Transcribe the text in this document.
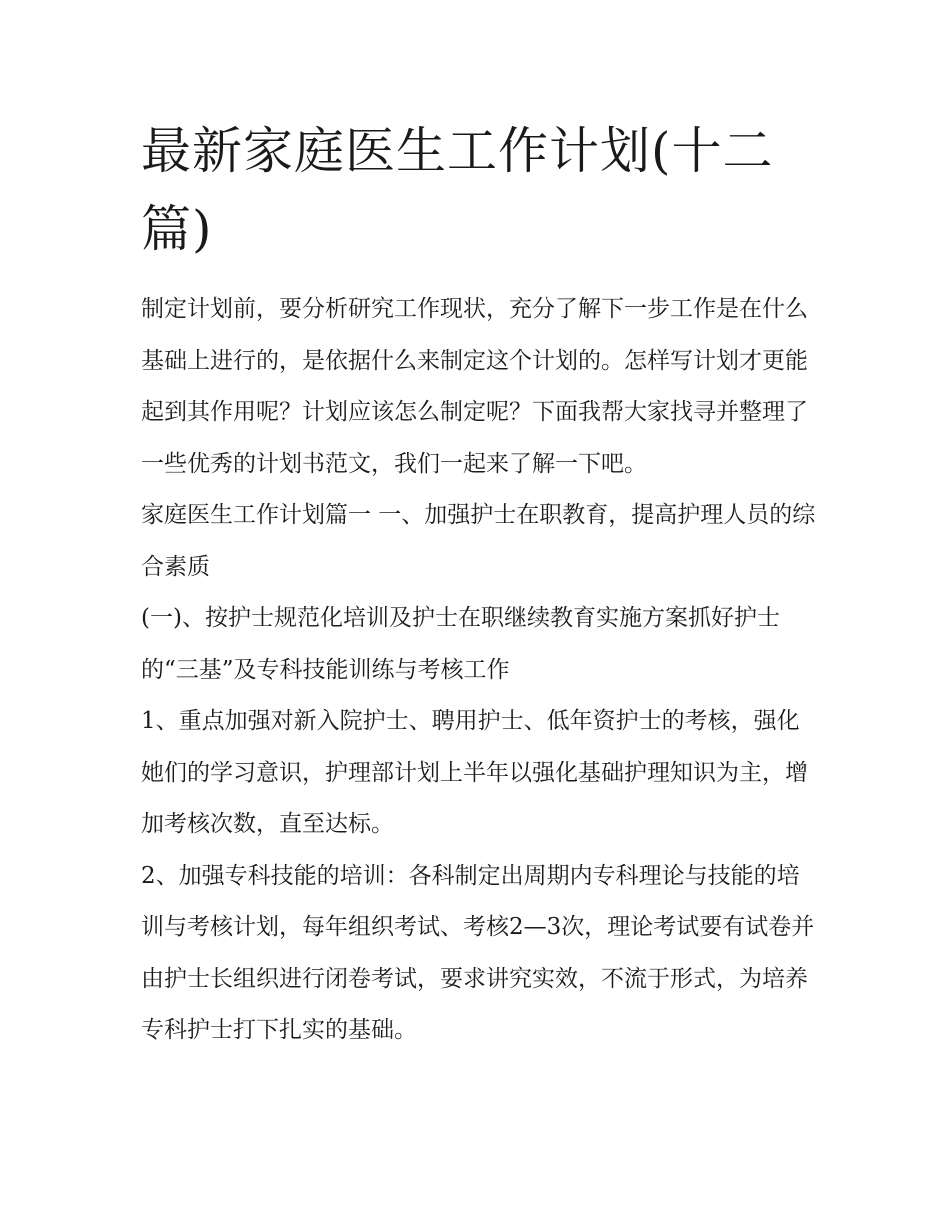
最新家庭医生工作计划(十二篇)

制定计划前，要分析研究工作现状，充分了解下一步工作是在什么基础上进行的，是依据什么来制定这个计划的。怎样写计划才更能起到其作用呢？计划应该怎么制定呢？下面我帮大家找寻并整理了一些优秀的计划书范文，我们一起来了解一下吧。

家庭医生工作计划篇一 一、加强护士在职教育，提高护理人员的综合素质

(一)、按护士规范化培训及护士在职继续教育实施方案抓好护士的“三基”及专科技能训练与考核工作

1、重点加强对新入院护士、聘用护士、低年资护士的考核，强化她们的学习意识，护理部计划上半年以强化基础护理知识为主，增加考核次数，直至达标。

2、加强专科技能的培训：各科制定出周期内专科理论与技能的培训与考核计划，每年组织考试、考核2—3次，理论考试要有试卷并由护士长组织进行闭卷考试，要求讲究实效，不流于形式，为培养专科护士打下扎实的基础。
